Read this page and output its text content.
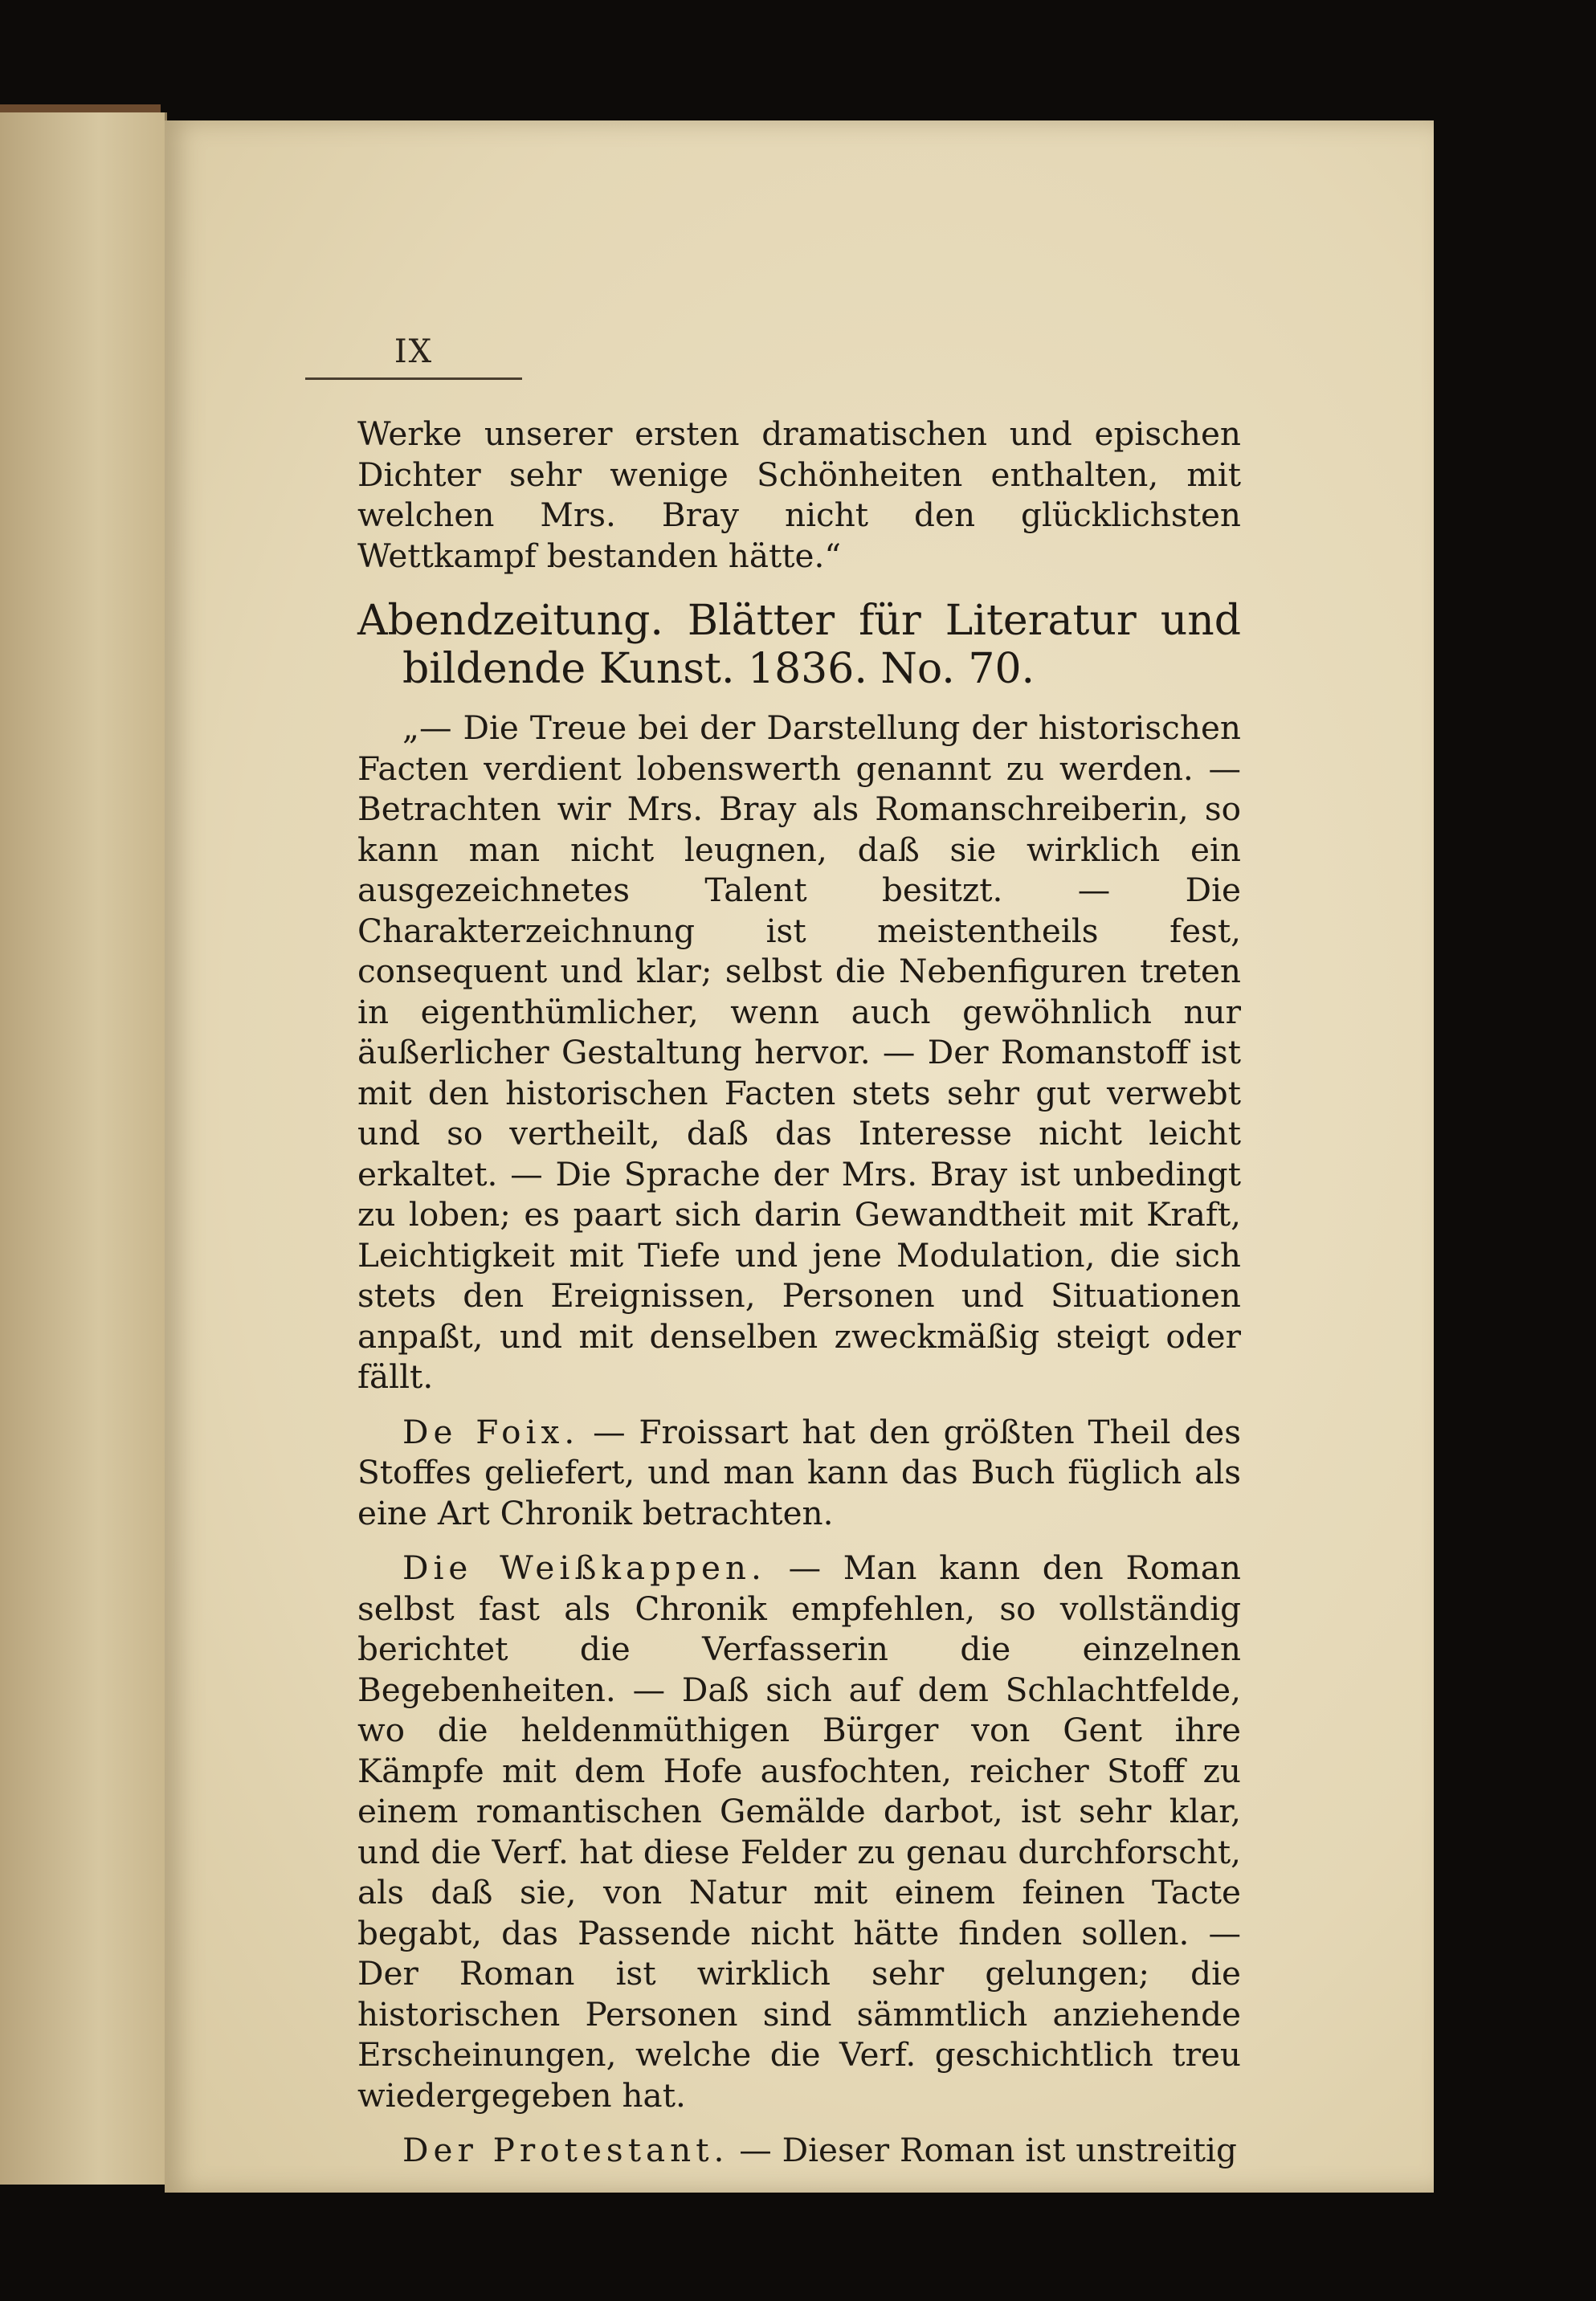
IX

Werke unserer ersten dramatischen und epischen Dichter sehr wenige Schönheiten enthalten, mit welchen Mrs. Bray nicht den glücklichsten Wettkampf bestanden hätte.“

Abendzeitung. Blätter für Literatur und bildende Kunst. 1836. No. 70.

„— Die Treue bei der Darstellung der historischen Facten verdient lobenswerth genannt zu werden. — Betrachten wir Mrs. Bray als Romanschreiberin, so kann man nicht leugnen, daß sie wirklich ein ausgezeichnetes Talent besitzt. — Die Charakterzeichnung ist meistentheils fest, consequent und klar; selbst die Nebenfiguren treten in eigenthümlicher, wenn auch gewöhnlich nur äußerlicher Gestaltung hervor. — Der Romanstoff ist mit den historischen Facten stets sehr gut verwebt und so vertheilt, daß das Interesse nicht leicht erkaltet. — Die Sprache der Mrs. Bray ist unbedingt zu loben; es paart sich darin Gewandtheit mit Kraft, Leichtigkeit mit Tiefe und jene Modulation, die sich stets den Ereignissen, Personen und Situationen anpaßt, und mit denselben zweckmäßig steigt oder fällt.

De Foix. — Froissart hat den größten Theil des Stoffes geliefert, und man kann das Buch füglich als eine Art Chronik betrachten.

Die Weißkappen. — Man kann den Roman selbst fast als Chronik empfehlen, so vollständig berichtet die Verfasserin die einzelnen Begebenheiten. — Daß sich auf dem Schlachtfelde, wo die heldenmüthigen Bürger von Gent ihre Kämpfe mit dem Hofe ausfochten, reicher Stoff zu einem romantischen Gemälde darbot, ist sehr klar, und die Verf. hat diese Felder zu genau durchforscht, als daß sie, von Natur mit einem feinen Tacte begabt, das Passende nicht hätte finden sollen. — Der Roman ist wirklich sehr gelungen; die historischen Personen sind sämmtlich anziehende Erscheinungen, welche die Verf. geschichtlich treu wiedergegeben hat.

Der Protestant. — Dieser Roman ist unstreitig
